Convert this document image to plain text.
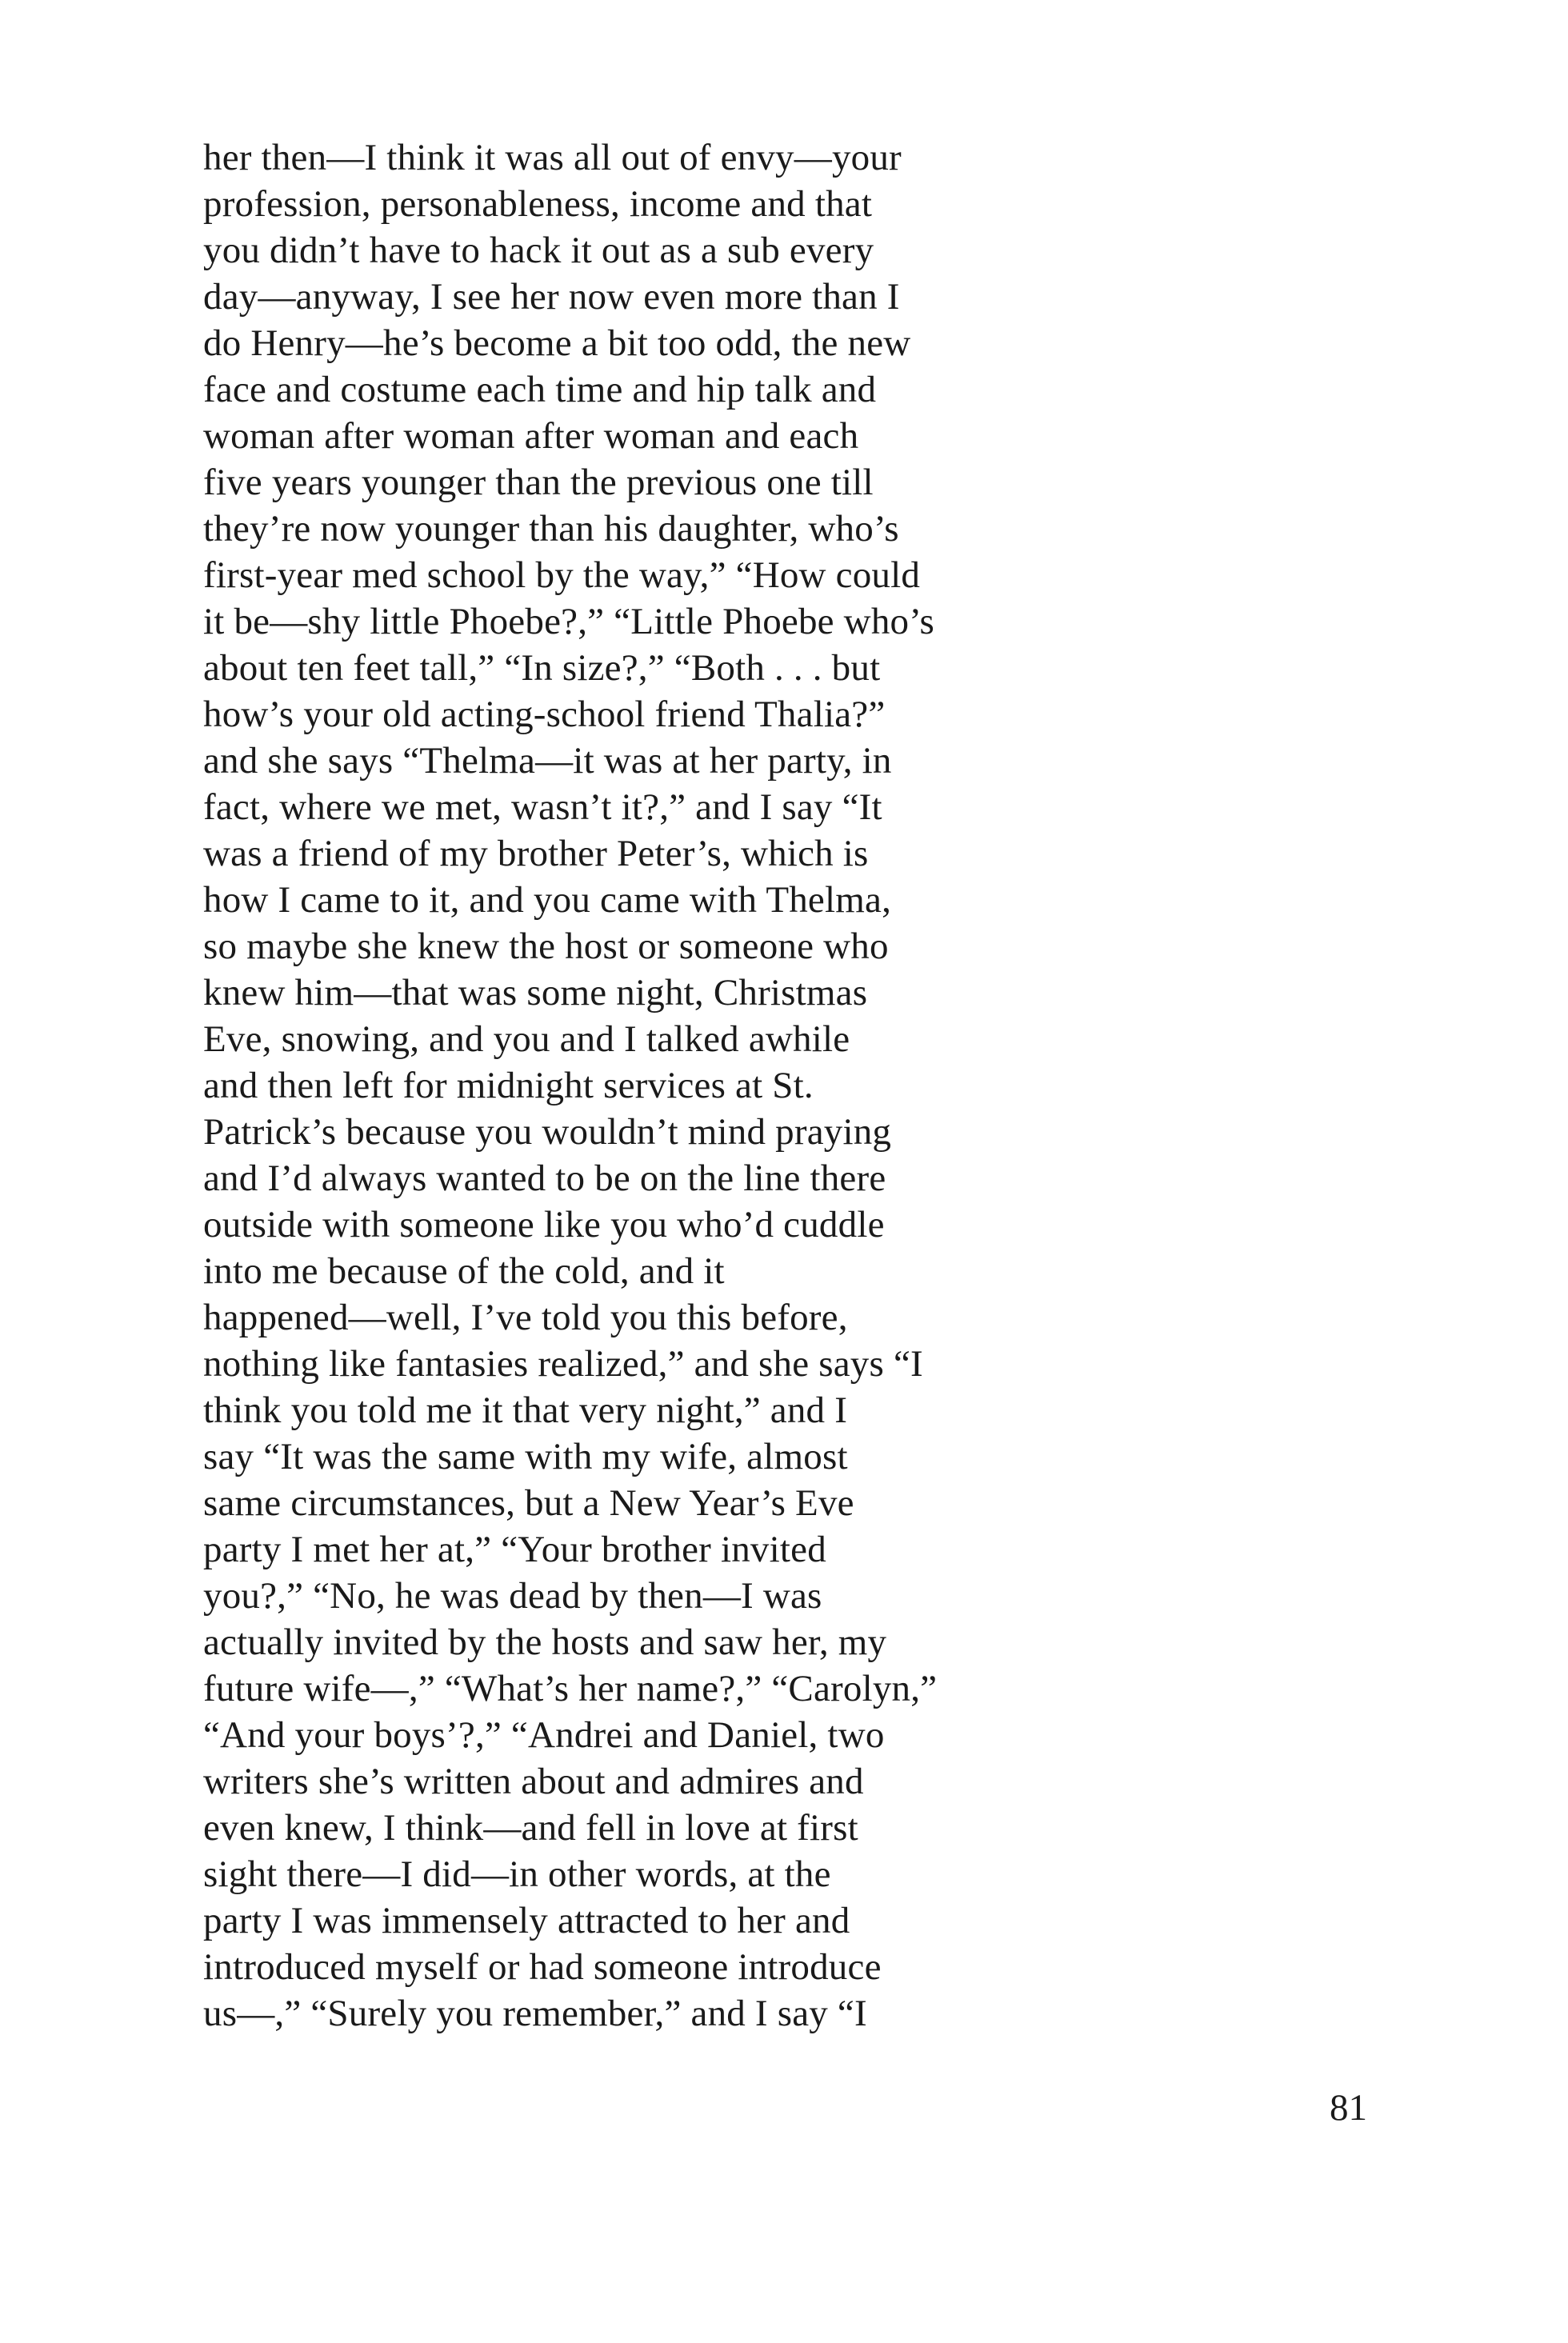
her then—I think it was all out of envy—your
profession, personableness, income and that
you didn’t have to hack it out as a sub every
day—anyway, I see her now even more than I
do Henry—he’s become a bit too odd, the new
face and costume each time and hip talk and
woman after woman after woman and each
five years younger than the previous one till
they’re now younger than his daughter, who’s
first-year med school by the way,” “How could
it be—shy little Phoebe?,” “Little Phoebe who’s
about ten feet tall,” “In size?,” “Both . . . but
how’s your old acting-school friend Thalia?”
and she says “Thelma—it was at her party, in
fact, where we met, wasn’t it?,” and I say “It
was a friend of my brother Peter’s, which is
how I came to it, and you came with Thelma,
so maybe she knew the host or someone who
knew him—that was some night, Christmas
Eve, snowing, and you and I talked awhile
and then left for midnight services at St.
Patrick’s because you wouldn’t mind praying
and I’d always wanted to be on the line there
outside with someone like you who’d cuddle
into me because of the cold, and it
happened—well, I’ve told you this before,
nothing like fantasies realized,” and she says “I
think you told me it that very night,” and I
say “It was the same with my wife, almost
same circumstances, but a New Year’s Eve
party I met her at,” “Your brother invited
you?,” “No, he was dead by then—I was
actually invited by the hosts and saw her, my
future wife—,” “What’s her name?,” “Carolyn,”
“And your boys’?,” “Andrei and Daniel, two
writers she’s written about and admires and
even knew, I think—and fell in love at first
sight there—I did—in other words, at the
party I was immensely attracted to her and
introduced myself or had someone introduce
us—,” “Surely you remember,” and I say “I
81
